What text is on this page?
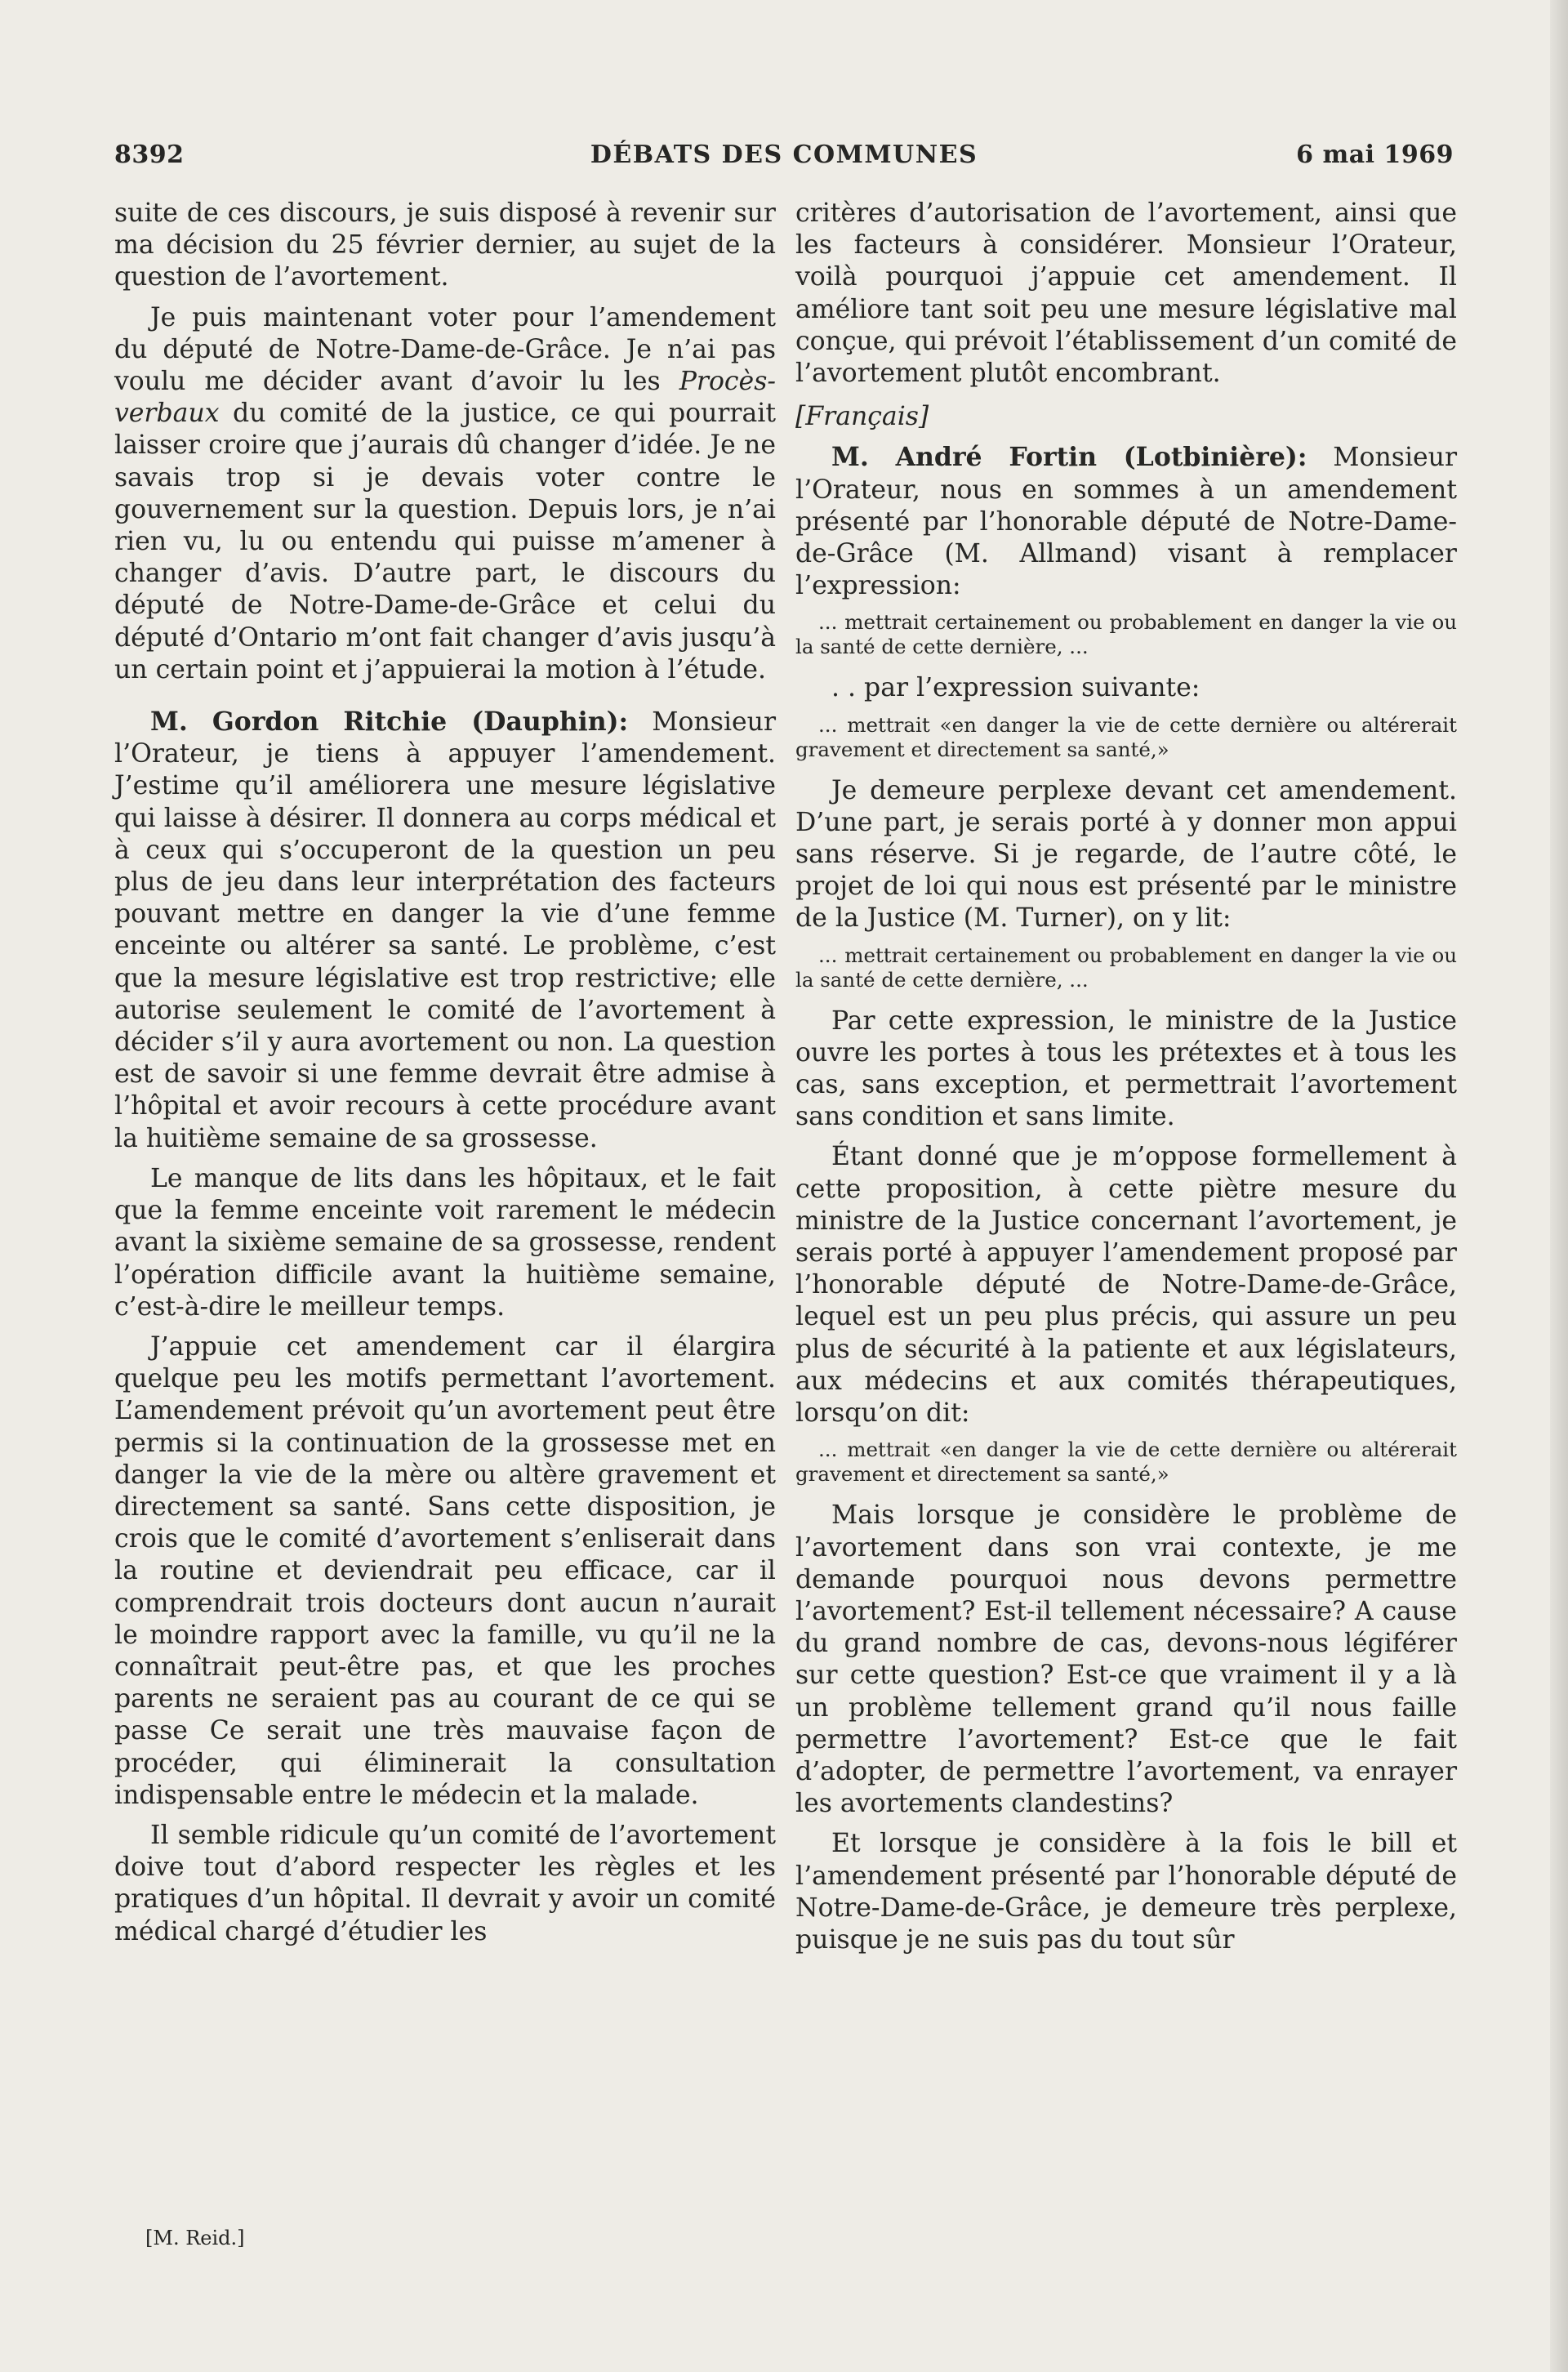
8392	DÉBATS DES COMMUNES	6 mai 1969

suite de ces discours, je suis disposé à revenir sur ma décision du 25 février dernier, au sujet de la question de l’avortement.

Je puis maintenant voter pour l’amendement du député de Notre-Dame-de-Grâce. Je n’ai pas voulu me décider avant d’avoir lu les Procès-verbaux du comité de la justice, ce qui pourrait laisser croire que j’aurais dû changer d’idée. Je ne savais trop si je devais voter contre le gouvernement sur la question. Depuis lors, je n’ai rien vu, lu ou entendu qui puisse m’amener à changer d’avis. D’autre part, le discours du député de Notre-Dame-de-Grâce et celui du député d’Ontario m’ont fait changer d’avis jusqu’à un certain point et j’appuierai la motion à l’étude.

M. Gordon Ritchie (Dauphin): Monsieur l’Orateur, je tiens à appuyer l’amendement. J’estime qu’il améliorera une mesure législative qui laisse à désirer. Il donnera au corps médical et à ceux qui s’occuperont de la question un peu plus de jeu dans leur interprétation des facteurs pouvant mettre en danger la vie d’une femme enceinte ou altérer sa santé. Le problème, c’est que la mesure législative est trop restrictive; elle autorise seulement le comité de l’avortement à décider s’il y aura avortement ou non. La question est de savoir si une femme devrait être admise à l’hôpital et avoir recours à cette procédure avant la huitième semaine de sa grossesse.

Le manque de lits dans les hôpitaux, et le fait que la femme enceinte voit rarement le médecin avant la sixième semaine de sa grossesse, rendent l’opération difficile avant la huitième semaine, c’est-à-dire le meilleur temps.

J’appuie cet amendement car il élargira quelque peu les motifs permettant l’avortement. L’amendement prévoit qu’un avortement peut être permis si la continuation de la grossesse met en danger la vie de la mère ou altère gravement et directement sa santé. Sans cette disposition, je crois que le comité d’avortement s’enliserait dans la routine et deviendrait peu efficace, car il comprendrait trois docteurs dont aucun n’aurait le moindre rapport avec la famille, vu qu’il ne la connaîtrait peut-être pas, et que les proches parents ne seraient pas au courant de ce qui se passe Ce serait une très mauvaise façon de procéder, qui éliminerait la consultation indispensable entre le médecin et la malade.

Il semble ridicule qu’un comité de l’avortement doive tout d’abord respecter les règles et les pratiques d’un hôpital. Il devrait y avoir un comité médical chargé d’étudier les

critères d’autorisation de l’avortement, ainsi que les facteurs à considérer. Monsieur l’Orateur, voilà pourquoi j’appuie cet amendement. Il améliore tant soit peu une mesure législative mal conçue, qui prévoit l’établissement d’un comité de l’avortement plutôt encombrant.

[Français]

M. André Fortin (Lotbinière): Monsieur l’Orateur, nous en sommes à un amendement présenté par l’honorable député de Notre-Dame-de-Grâce (M. Allmand) visant à remplacer l’expression:

... mettrait certainement ou probablement en danger la vie ou la santé de cette dernière, ...

. . par l’expression suivante:

... mettrait «en danger la vie de cette dernière ou altérerait gravement et directement sa santé,»

Je demeure perplexe devant cet amendement. D’une part, je serais porté à y donner mon appui sans réserve. Si je regarde, de l’autre côté, le projet de loi qui nous est présenté par le ministre de la Justice (M. Turner), on y lit:

... mettrait certainement ou probablement en danger la vie ou la santé de cette dernière, ...

Par cette expression, le ministre de la Justice ouvre les portes à tous les prétextes et à tous les cas, sans exception, et permettrait l’avortement sans condition et sans limite.

Étant donné que je m’oppose formellement à cette proposition, à cette piètre mesure du ministre de la Justice concernant l’avortement, je serais porté à appuyer l’amendement proposé par l’honorable député de Notre-Dame-de-Grâce, lequel est un peu plus précis, qui assure un peu plus de sécurité à la patiente et aux législateurs, aux médecins et aux comités thérapeutiques, lorsqu’on dit:

... mettrait «en danger la vie de cette dernière ou altérerait gravement et directement sa santé,»

Mais lorsque je considère le problème de l’avortement dans son vrai contexte, je me demande pourquoi nous devons permettre l’avortement? Est-il tellement nécessaire? A cause du grand nombre de cas, devons-nous légiférer sur cette question? Est-ce que vraiment il y a là un problème tellement grand qu’il nous faille permettre l’avortement? Est-ce que le fait d’adopter, de permettre l’avortement, va enrayer les avortements clandestins?

Et lorsque je considère à la fois le bill et l’amendement présenté par l’honorable député de Notre-Dame-de-Grâce, je demeure très perplexe, puisque je ne suis pas du tout sûr

[M. Reid.]
